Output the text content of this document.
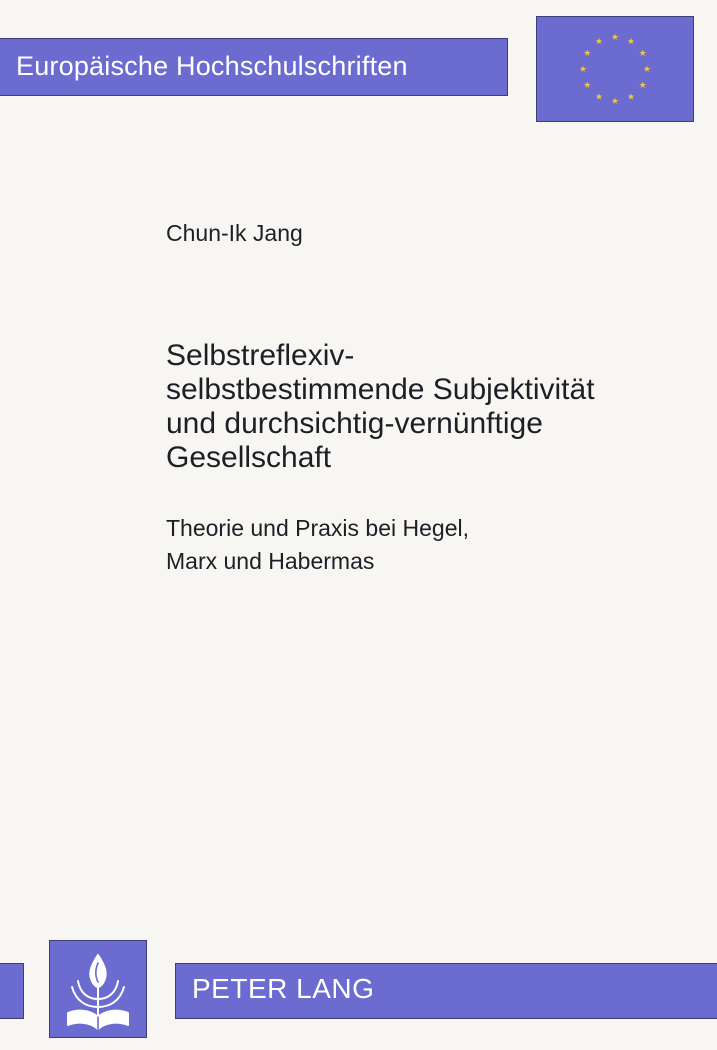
Europäische Hochschulschriften
Chun-Ik Jang
Selbstreflexiv-
selbstbestimmende Subjektivität
und durchsichtig-vernünftige
Gesellschaft
Theorie und Praxis bei Hegel,
Marx und Habermas
PETER LANG
